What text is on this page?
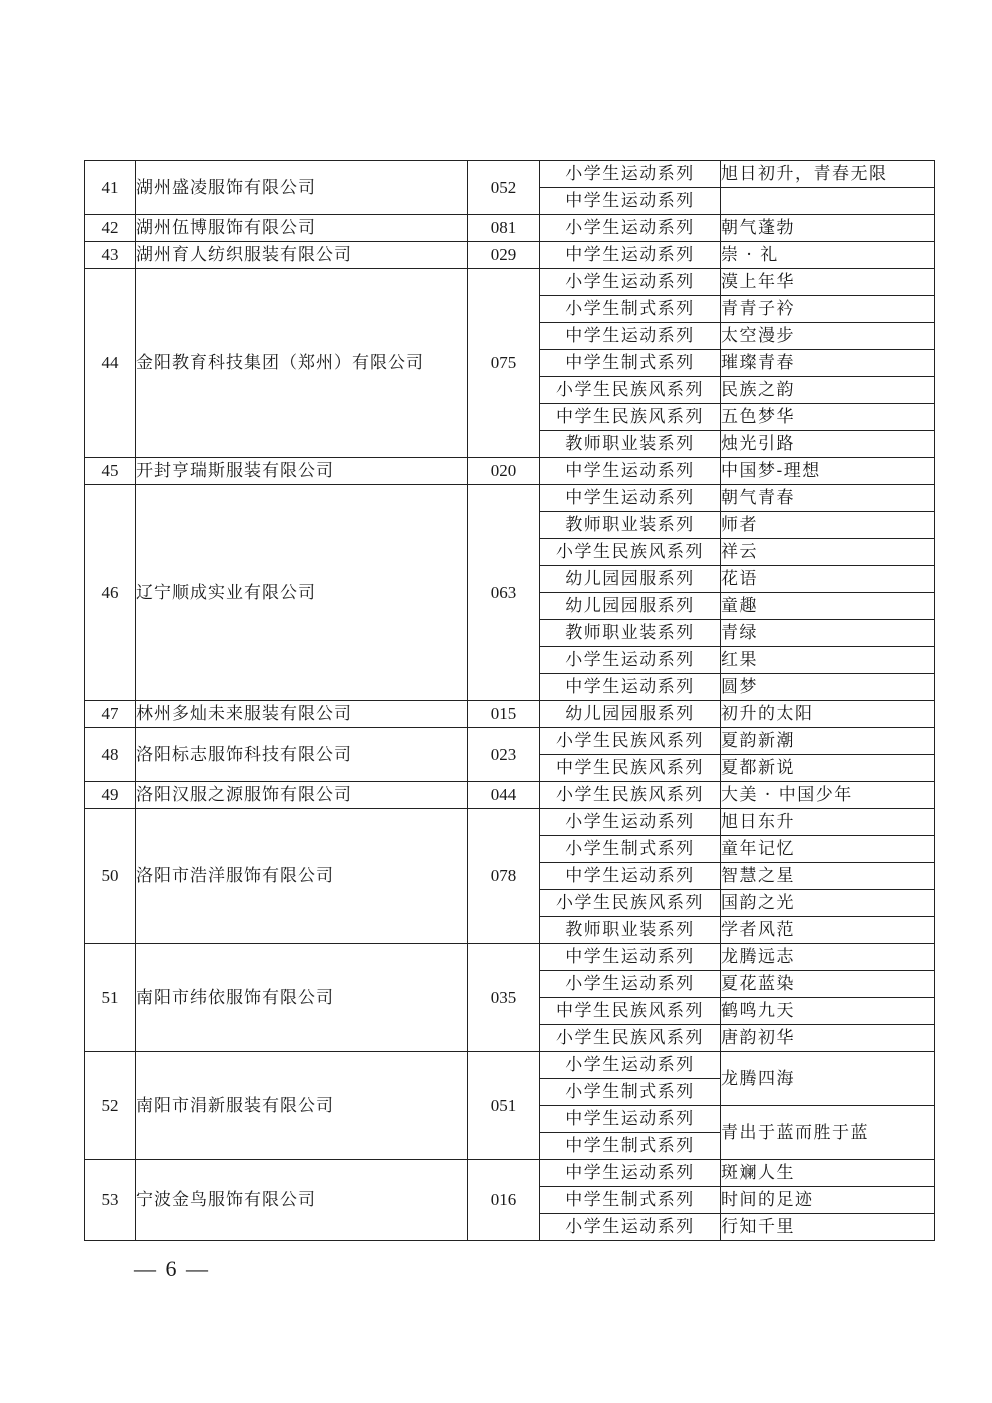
41	湖州盛凌服饰有限公司	052	小学生运动系列	旭日初升，青春无限
			中学生运动系列	
42	湖州伍博服饰有限公司	081	小学生运动系列	朝气蓬勃
43	湖州育人纺织服装有限公司	029	中学生运动系列	崇 · 礼
44	金阳教育科技集团（郑州）有限公司	075	小学生运动系列	漠上年华
			小学生制式系列	青青子衿
			中学生运动系列	太空漫步
			中学生制式系列	璀璨青春
			小学生民族风系列	民族之韵
			中学生民族风系列	五色梦华
			教师职业装系列	烛光引路
45	开封亨瑞斯服装有限公司	020	中学生运动系列	中国梦-理想
46	辽宁顺成实业有限公司	063	中学生运动系列	朝气青春
			教师职业装系列	师者
			小学生民族风系列	祥云
			幼儿园园服系列	花语
			幼儿园园服系列	童趣
			教师职业装系列	青绿
			小学生运动系列	红果
			中学生运动系列	圆梦
47	林州多灿未来服装有限公司	015	幼儿园园服系列	初升的太阳
48	洛阳标志服饰科技有限公司	023	小学生民族风系列	夏韵新潮
			中学生民族风系列	夏都新说
49	洛阳汉服之源服饰有限公司	044	小学生民族风系列	大美 · 中国少年
50	洛阳市浩洋服饰有限公司	078	小学生运动系列	旭日东升
			小学生制式系列	童年记忆
			中学生运动系列	智慧之星
			小学生民族风系列	国韵之光
			教师职业装系列	学者风范
51	南阳市纬依服饰有限公司	035	中学生运动系列	龙腾远志
			小学生运动系列	夏花蓝染
			中学生民族风系列	鹤鸣九天
			小学生民族风系列	唐韵初华
52	南阳市涓新服装有限公司	051	小学生运动系列	龙腾四海
			小学生制式系列	
			中学生运动系列	青出于蓝而胜于蓝
			中学生制式系列	
53	宁波金鸟服饰有限公司	016	中学生运动系列	斑斓人生
			中学生制式系列	时间的足迹
			小学生运动系列	行知千里
— 6 —
